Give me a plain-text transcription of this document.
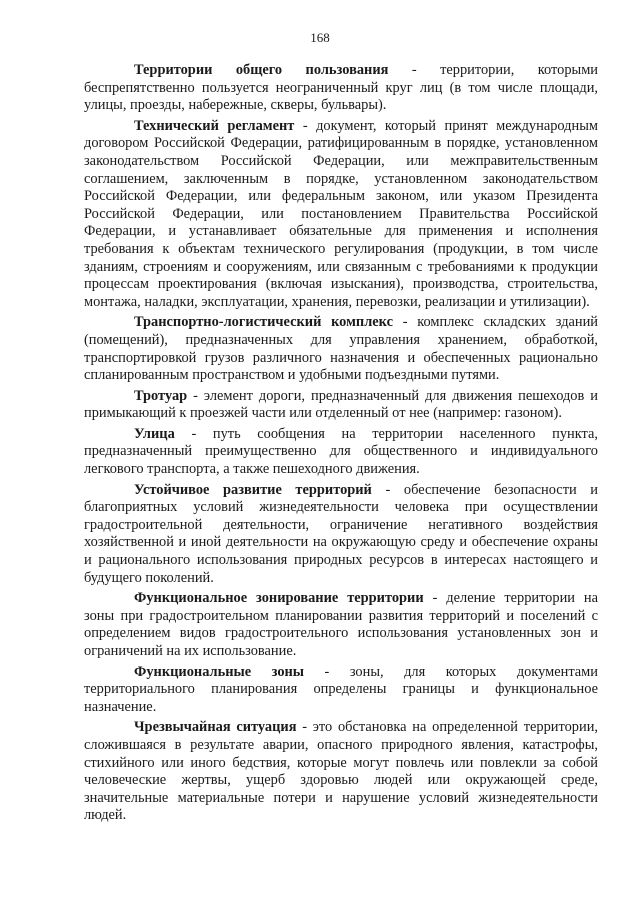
168

Территории общего пользования - территории, которыми беспрепятственно пользуется неограниченный круг лиц (в том числе площади, улицы, проезды, набережные, скверы, бульвары).

Технический регламент - документ, который принят международным договором Российской Федерации, ратифицированным в порядке, установленном законодательством Российской Федерации, или межправительственным соглашением, заключенным в порядке, установленном законодательством Российской Федерации, или федеральным законом, или указом Президента Российской Федерации, или постановлением Правительства Российской Федерации, и устанавливает обязательные для применения и исполнения требования к объектам технического регулирования (продукции, в том числе зданиям, строениям и сооружениям, или связанным с требованиями к продукции процессам проектирования (включая изыскания), производства, строительства, монтажа, наладки, эксплуатации, хранения, перевозки, реализации и утилизации).

Транспортно-логистический комплекс - комплекс складских зданий (помещений), предназначенных для управления хранением, обработкой, транспортировкой грузов различного назначения и обеспеченных рационально спланированным пространством и удобными подъездными путями.

Тротуар - элемент дороги, предназначенный для движения пешеходов и примыкающий к проезжей части или отделенный от нее (например: газоном).

Улица - путь сообщения на территории населенного пункта, предназначенный преимущественно для общественного и индивидуального легкового транспорта, а также пешеходного движения.

Устойчивое развитие территорий - обеспечение безопасности и благоприятных условий жизнедеятельности человека при осуществлении градостроительной деятельности, ограничение негативного воздействия хозяйственной и иной деятельности на окружающую среду и обеспечение охраны и рационального использования природных ресурсов в интересах настоящего и будущего поколений.

Функциональное зонирование территории - деление территории на зоны при градостроительном планировании развития территорий и поселений с определением видов градостроительного использования установленных зон и ограничений на их использование.

Функциональные зоны - зоны, для которых документами территориального планирования определены границы и функциональное назначение.

Чрезвычайная ситуация - это обстановка на определенной территории, сложившаяся в результате аварии, опасного природного явления, катастрофы, стихийного или иного бедствия, которые могут повлечь или повлекли за собой человеческие жертвы, ущерб здоровью людей или окружающей среде, значительные материальные потери и нарушение условий жизнедеятельности людей.
